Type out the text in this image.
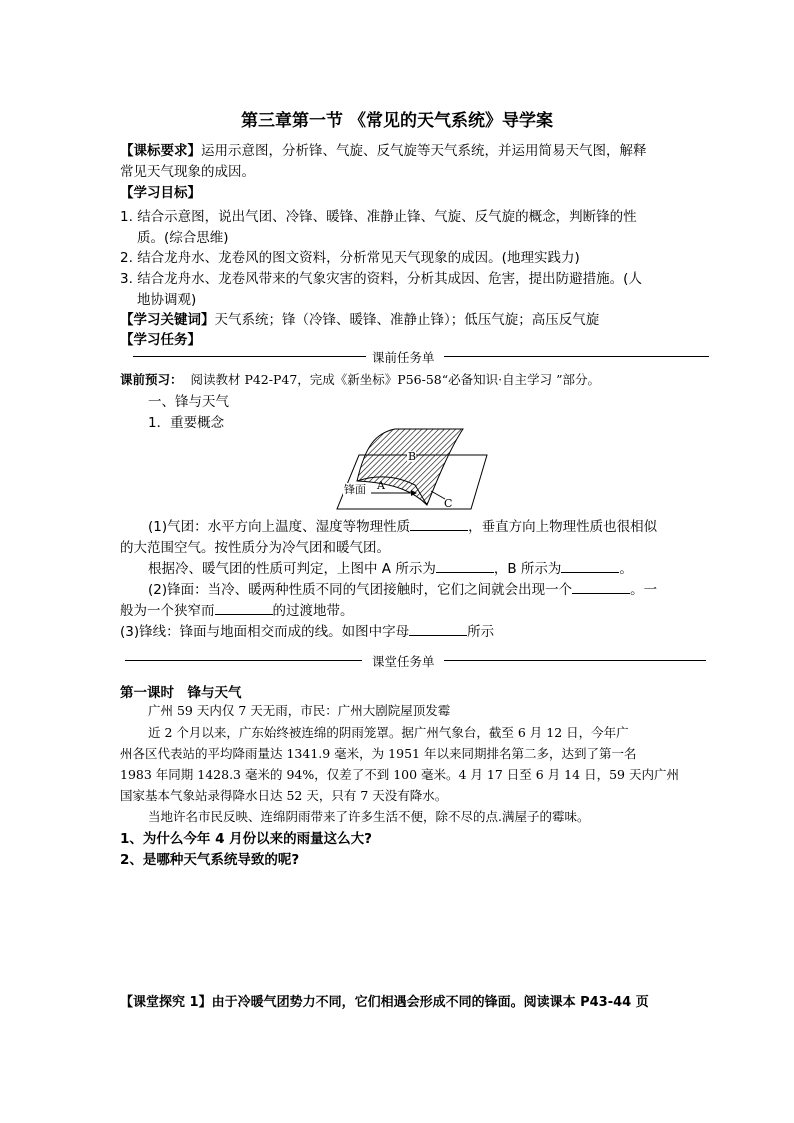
第三章第一节 《常见的天气系统》导学案
【课标要求】运用示意图，分析锋、气旋、反气旋等天气系统，并运用简易天气图，解释
常见天气现象的成因。
【学习目标】
1. 结合示意图，说出气团、冷锋、暖锋、准静止锋、气旋、反气旋的概念，判断锋的性
质。(综合思维)
2. 结合龙舟水、龙卷风的图文资料，分析常见天气现象的成因。(地理实践力)
3. 结合龙舟水、龙卷风带来的气象灾害的资料，分析其成因、危害，提出防避措施。(人
地协调观)
【学习关键词】天气系统；锋（冷锋、暖锋、准静止锋）；低压气旋；高压反气旋
【学习任务】
课前任务单
课前预习： 阅读教材 P42-P47，完成《新坐标》P56-58“必备知识·自主学习 ”部分。
一、锋与天气
1．重要概念
锋面 A
B
C
(1)气团：水平方向上温度、湿度等物理性质	，垂直方向上物理性质也很相似
的大范围空气。按性质分为冷气团和暖气团。
根据冷、暖气团的性质可判定，上图中 A 所示为	，B 所示为	。
(2)锋面：当冷、暖两种性质不同的气团接触时，它们之间就会出现一个	。一
般为一个狭窄而	的过渡地带。
(3)锋线：锋面与地面相交而成的线。如图中字母	所示
课堂任务单
第一课时　锋与天气
广州 59 天内仅 7 天无雨，市民：广州大剧院屋顶发霉
近 2 个月以来，广东始终被连绵的阴雨笼罩。据广州气象台，截至 6 月 12 日，今年广
州各区代表站的平均降雨量达 1341.9 毫米，为 1951 年以来同期排名第二多，达到了第一名
1983 年同期 1428.3 毫米的 94%，仅差了不到 100 毫米。4 月 17 日至 6 月 14 日，59 天内广州
国家基本气象站录得降水日达 52 天，只有 7 天没有降水。
当地许名市民反映、连绵阴雨带来了许多生活不便，除不尽的点.满屋子的霉味。
1、为什么今年 4 月份以来的雨量这么大?
2、是哪种天气系统导致的呢?
【课堂探究 1】由于冷暖气团势力不同，它们相遇会形成不同的锋面。阅读课本 P43-44 页
